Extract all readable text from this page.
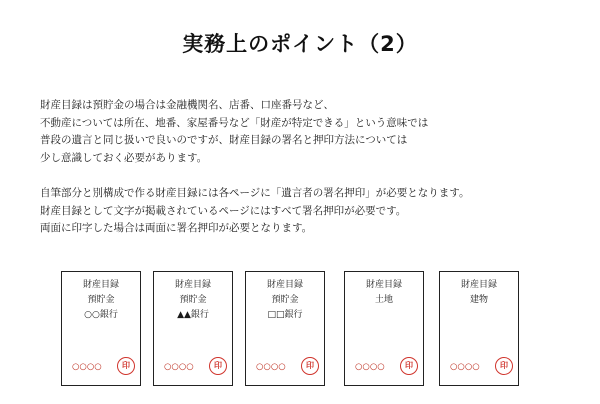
実務上のポイント（2）

財産目録は預貯金の場合は金融機関名、店番、口座番号など、

不動産については所在、地番、家屋番号など「財産が特定できる」という意味では

普段の遺言と同じ扱いで良いのですが、財産目録の署名と押印方法については

少し意識しておく必要があります。

自筆部分と別構成で作る財産目録には各ページに「遺言者の署名押印」が必要となります。

財産目録として文字が掲載されているページにはすべて署名押印が必要です。

両面に印字した場合は両面に署名押印が必要となります。

財産目録
預貯金
○○銀行
○○○○	印
財産目録
預貯金
▲▲銀行
○○○○	印
財産目録
預貯金
□□銀行
○○○○	印
財産目録
土地
○○○○	印
財産目録
建物
○○○○	印
